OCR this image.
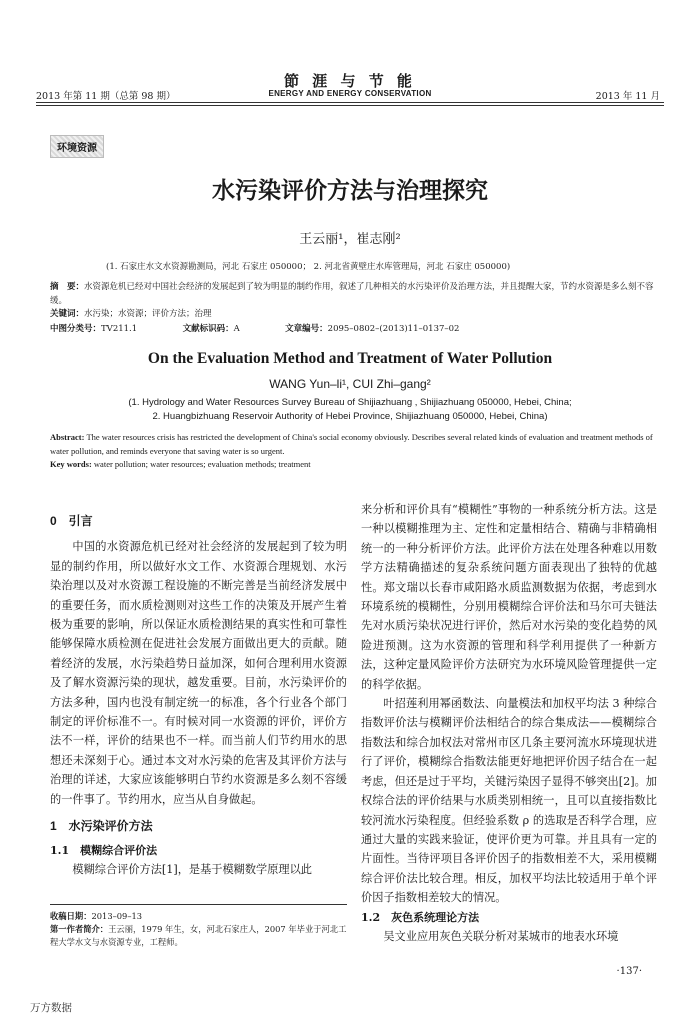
2013 年第 11 期（总第 98 期）
節 涯 与 节 能
ENERGY AND ENERGY CONSERVATION	2013 年 11 月
环境资源
水污染评价方法与治理探究
王云丽¹，崔志刚²
(1. 石家庄水文水资源勘测局，河北 石家庄 050000； 2. 河北省黄壁庄水库管理局，河北 石家庄 050000)
摘　要：水资源危机已经对中国社会经济的发展起到了较为明显的制约作用，叙述了几种相关的水污染评价及治理方法，并且提醒大家，节约水资源是多么刻不容缓。
关键词：水污染；水资源；评价方法；治理
中图分类号：TV211.1	文献标识码：A	文章编号：2095–0802–(2013)11–0137–02
On the Evaluation Method and Treatment of Water Pollution
WANG Yun–li¹, CUI Zhi–gang²
(1. Hydrology and Water Resources Survey Bureau of Shijiazhuang , Shijiazhuang 050000, Hebei, China;
2. Huangbizhuang Reservoir Authority of Hebei Province, Shijiazhuang 050000, Hebei, China)
Abstract: The water resources crisis has restricted the development of China's social economy obviously. Describes several related kinds of evaluation and treatment methods of water pollution, and reminds everyone that saving water is so urgent.
Key words: water pollution; water resources; evaluation methods; treatment

0　引言

中国的水资源危机已经对社会经济的发展起到了较为明显的制约作用，所以做好水文工作、水资源合理规划、水污染治理以及对水资源工程设施的不断完善是当前经济发展中的重要任务，而水质检测则对这些工作的决策及开展产生着极为重要的影响，所以保证水质检测结果的真实性和可靠性能够保障水质检测在促进社会发展方面做出更大的贡献。随着经济的发展，水污染趋势日益加深，如何合理利用水资源及了解水资源污染的现状，越发重要。目前，水污染评价的方法多种，国内也没有制定统一的标准，各个行业各个部门制定的评价标准不一。有时候对同一水资源的评价，评价方法不一样，评价的结果也不一样。而当前人们节约用水的思想还未深刻于心。通过本文对水污染的危害及其评价方法与治理的详述，大家应该能够明白节约水资源是多么刻不容缓的一件事了。节约用水，应当从自身做起。

1　水污染评价方法

1.1　模糊综合评价法

模糊综合评价方法[1]，是基于模糊数学原理以此

收稿日期：2013–09–13
第一作者简介：王云丽，1979 年生，女，河北石家庄人，2007 年毕业于河北工程大学水文与水资源专业，工程师。

来分析和评价具有“模糊性”事物的一种系统分析方法。这是一种以模糊推理为主、定性和定量相结合、精确与非精确相统一的一种分析评价方法。此评价方法在处理各种难以用数学方法精确描述的复杂系统问题方面表现出了独特的优越性。郑文瑞以长春市咸阳路水质监测数据为依据，考虑到水环境系统的模糊性，分别用模糊综合评价法和马尔可夫链法先对水质污染状况进行评价，然后对水污染的变化趋势的风险进预测。这为水资源的管理和科学利用提供了一种新方法，这种定量风险评价方法研究为水环境风险管理提供一定的科学依据。

叶招莲利用幂函数法、向量模法和加权平均法 3 种综合指数评价法与模糊评价法相结合的综合集成法——模糊综合指数法和综合加权法对常州市区几条主要河流水环境现状进行了评价，模糊综合指数法能更好地把评价因子结合在一起考虑，但还是过于平均，关键污染因子显得不够突出[2]。加权综合法的评价结果与水质类别相统一，且可以直接指数比较河流水污染程度。但经验系数 ρ 的选取是否科学合理，应通过大量的实践来验证，使评价更为可靠。并且具有一定的片面性。当待评项目各评价因子的指数相差不大，采用模糊综合评价法比较合理。相反，加权平均法比较适用于单个评价因子指数相差较大的情况。

1.2　灰色系统理论方法

吴文业应用灰色关联分析对某城市的地表水环境

·137·
万方数据
